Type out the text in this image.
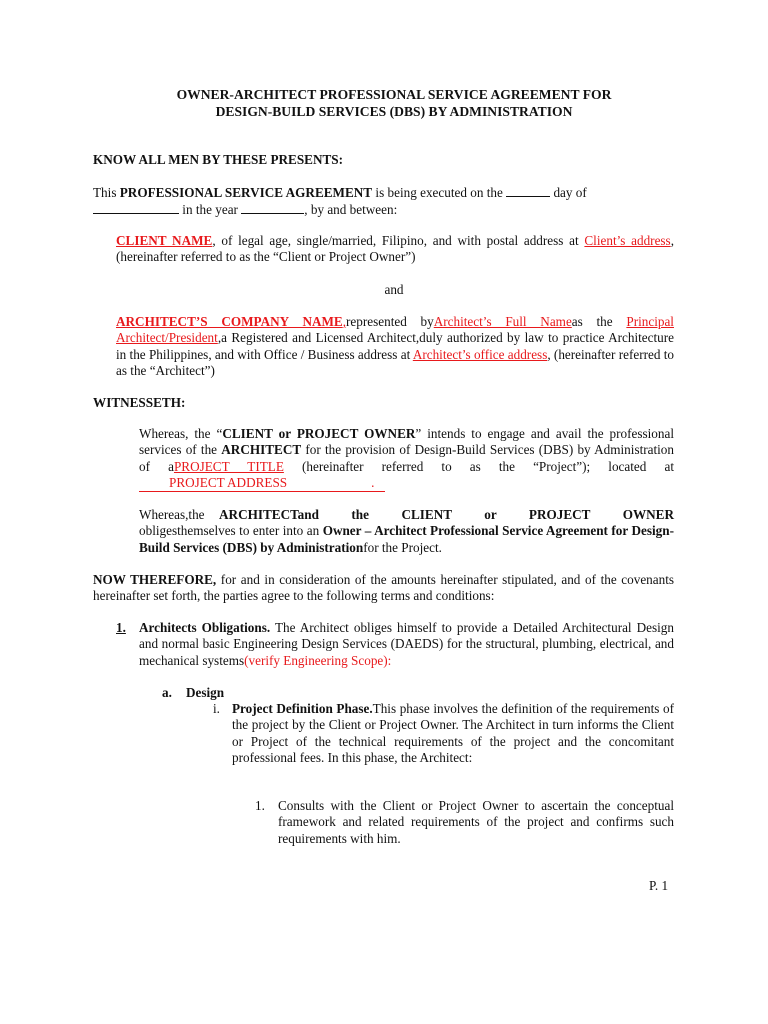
OWNER-ARCHITECT PROFESSIONAL SERVICE AGREEMENT FOR
DESIGN-BUILD SERVICES (DBS) BY ADMINISTRATION
KNOW ALL MEN BY THESE PRESENTS:
This PROFESSIONAL SERVICE AGREEMENT is being executed on the	day of
in the year	, by and between:
CLIENT NAME, of legal age, single/married, Filipino, and with postal address at Client’s address, (hereinafter referred to as the “Client or Project Owner”)
and
ARCHITECT’S COMPANY NAME,represented byArchitect’s Full Nameas the Principal Architect/President,a Registered and Licensed Architect,duly authorized by law to practice Architecture in the Philippines, and with Office / Business address at Architect’s office address, (hereinafter referred to as the “Architect”)
WITNESSETH:
Whereas, the “CLIENT or PROJECT OWNER” intends to engage and avail the professional services of the ARCHITECT for the provision of Design-Build Services (DBS) by Administration of aPROJECT TITLE (hereinafter referred to as the “Project”); located at PROJECT ADDRESS	.
Whereas,the ARCHITECTand the CLIENT or PROJECT OWNER obligesthemselves to enter into an Owner – Architect Professional Service Agreement for Design-Build Services (DBS) by Administrationfor the Project.
NOW THEREFORE, for and in consideration of the amounts hereinafter stipulated, and of the covenants hereinafter set forth, the parties agree to the following terms and conditions:
1. Architects Obligations. The Architect obliges himself to provide a Detailed Architectural Design and normal basic Engineering Design Services (DAEDS) for the structural, plumbing, electrical, and mechanical systems(verify Engineering Scope):
a. Design
i. Project Definition Phase.This phase involves the definition of the requirements of the project by the Client or Project Owner. The Architect in turn informs the Client or Project of the technical requirements of the project and the concomitant professional fees. In this phase, the Architect:
1. Consults with the Client or Project Owner to ascertain the conceptual framework and related requirements of the project and confirms such requirements with him.
P. 1
